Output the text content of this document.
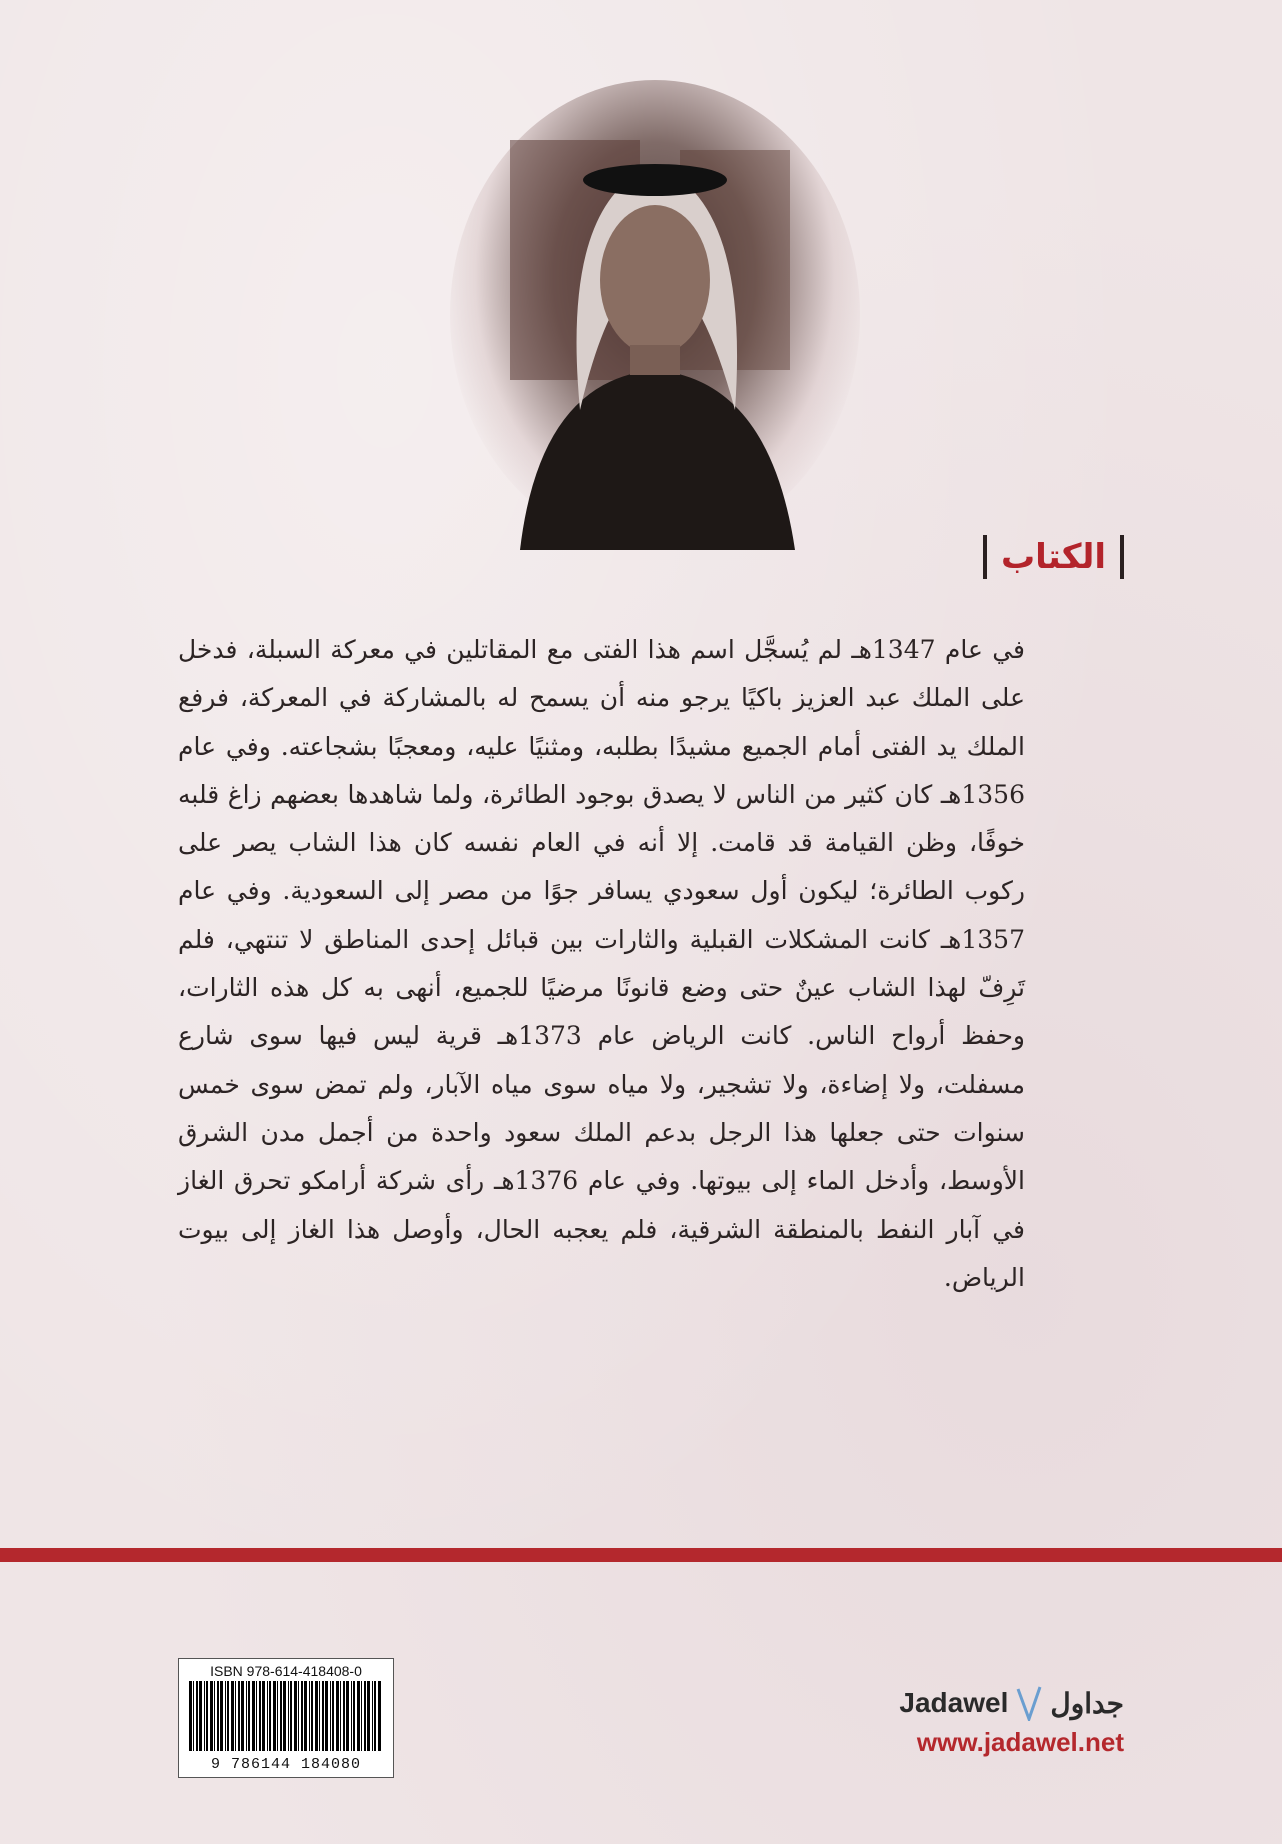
الكتاب

في عام 1347هـ لم يُسجَّل اسم هذا الفتى مع المقاتلين في معركة السبلة، فدخل على الملك عبد العزيز باكيًا يرجو منه أن يسمح له بالمشاركة في المعركة، فرفع الملك يد الفتى أمام الجميع مشيدًا بطلبه، ومثنيًا عليه، ومعجبًا بشجاعته. وفي عام 1356هـ كان كثير من الناس لا يصدق بوجود الطائرة، ولما شاهدها بعضهم زاغ قلبه خوفًا، وظن القيامة قد قامت. إلا أنه في العام نفسه كان هذا الشاب يصر على ركوب الطائرة؛ ليكون أول سعودي يسافر جوًا من مصر إلى السعودية. وفي عام 1357هـ كانت المشكلات القبلية والثارات بين قبائل إحدى المناطق لا تنتهي، فلم تَرِفّ لهذا الشاب عينٌ حتى وضع قانونًا مرضيًا للجميع، أنهى به كل هذه الثارات، وحفظ أرواح الناس. كانت الرياض عام 1373هـ قرية ليس فيها سوى شارع مسفلت، ولا إضاءة، ولا تشجير، ولا مياه سوى مياه الآبار، ولم تمض سوى خمس سنوات حتى جعلها هذا الرجل بدعم الملك سعود واحدة من أجمل مدن الشرق الأوسط، وأدخل الماء إلى بيوتها. وفي عام 1376هـ رأى شركة أرامكو تحرق الغاز في آبار النفط بالمنطقة الشرقية، فلم يعجبه الحال، وأوصل هذا الغاز إلى بيوت الرياض.

ISBN 978-614-418408-0
9 786144 184080
Jadawel جداول
www.jadawel.net
